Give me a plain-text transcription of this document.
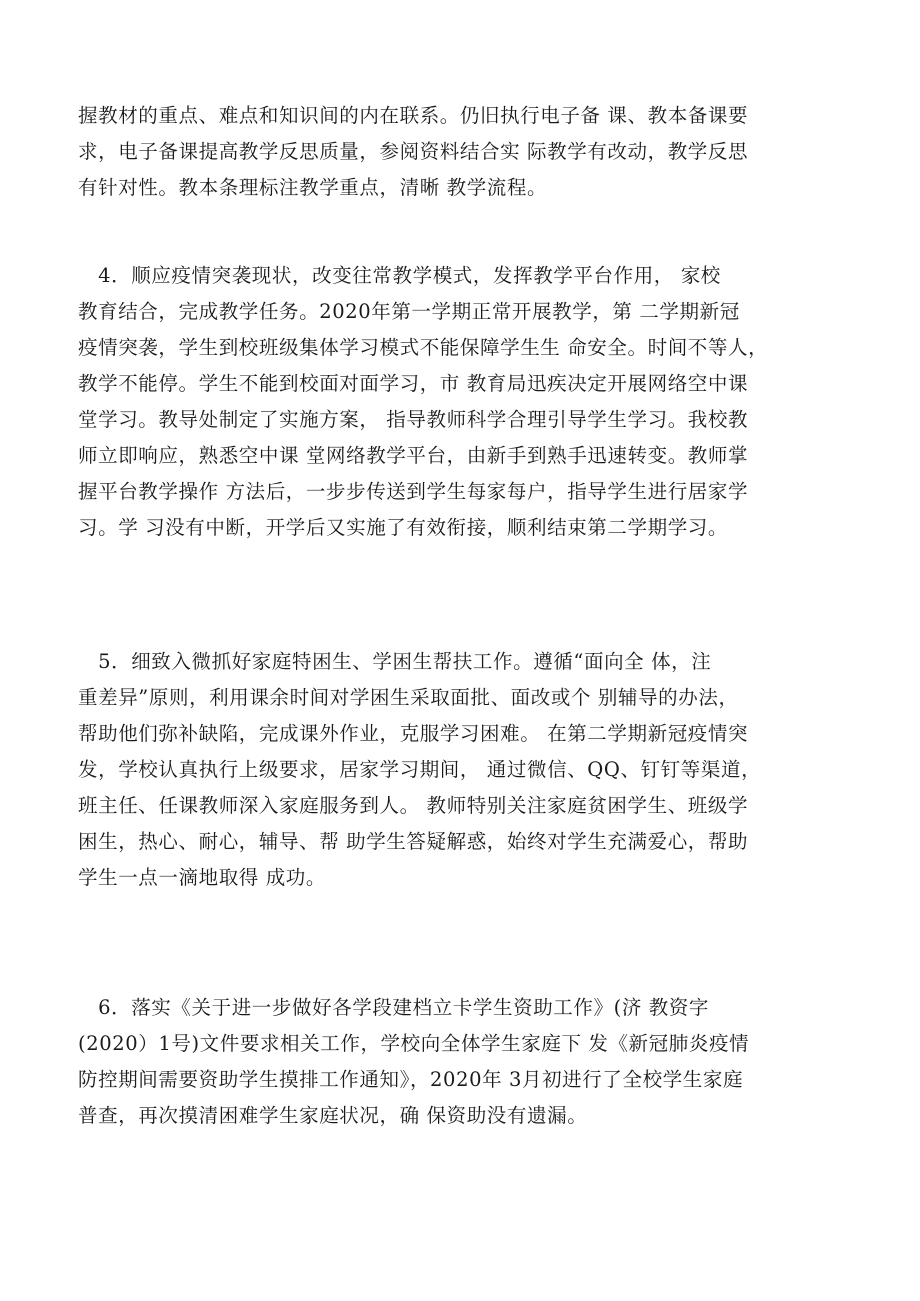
握教材的重点、难点和知识间的内在联系。仍旧执行电子备 课、教本备课要
求，电子备课提高教学反思质量，参阅资料结合实 际教学有改动，教学反思
有针对性。教本条理标注教学重点，清晰 教学流程。
　4．顺应疫情突袭现状，改变往常教学模式，发挥教学平台作用， 家校
教育结合，完成教学任务。2020年第一学期正常开展教学，第 二学期新冠
疫情突袭，学生到校班级集体学习模式不能保障学生生 命安全。时间不等人，
教学不能停。学生不能到校面对面学习，市 教育局迅疾决定开展网络空中课
堂学习。教导处制定了实施方案， 指导教师科学合理引导学生学习。我校教
师立即响应，熟悉空中课 堂网络教学平台，由新手到熟手迅速转变。教师掌
握平台教学操作 方法后，一步步传送到学生每家每户，指导学生进行居家学
习。学 习没有中断，开学后又实施了有效衔接，顺利结束第二学期学习。
　5．细致入微抓好家庭特困生、学困生帮扶工作。遵循“面向全 体，注
重差异”原则，利用课余时间对学困生采取面批、面改或个 别辅导的办法，
帮助他们弥补缺陷，完成课外作业，克服学习困难。 在第二学期新冠疫情突
发，学校认真执行上级要求，居家学习期间， 通过微信、QQ、钉钉等渠道，
班主任、任课教师深入家庭服务到人。 教师特别关注家庭贫困学生、班级学
困生，热心、耐心，辅导、帮 助学生答疑解惑，始终对学生充满爱心，帮助
学生一点一滴地取得 成功。
　6．落实《关于进一步做好各学段建档立卡学生资助工作》(济 教资字
(2020）1号)文件要求相关工作，学校向全体学生家庭下 发《新冠肺炎疫情
防控期间需要资助学生摸排工作通知》，2020年 3月初进行了全校学生家庭
普查，再次摸清困难学生家庭状况，确 保资助没有遗漏。
